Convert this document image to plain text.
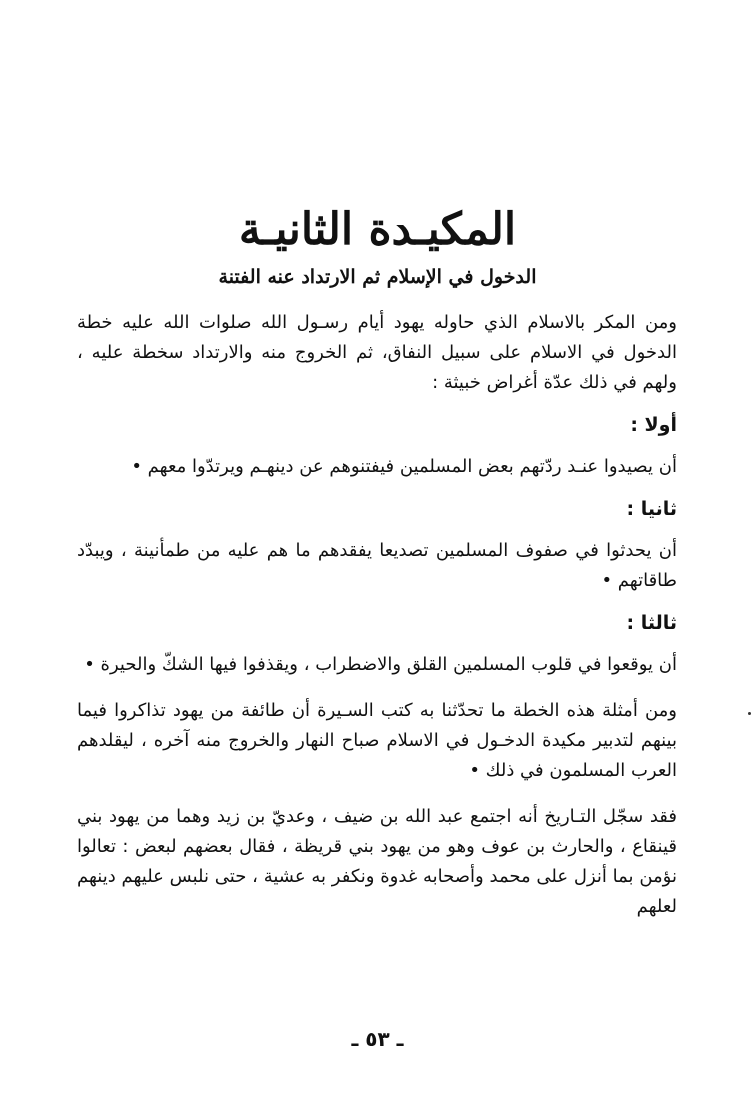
المكيـدة الثانيـة
الدخول في الإسلام ثم الارتداد عنه الفتنة

ومن المكر بالاسلام الذي حاوله يهود أيام رسـول الله صلوات الله عليه خطة الدخول في الاسلام على سبيل النفاق، ثم الخروج منه والارتداد سخطة عليه ، ولهم في ذلك عدّة أغراض خبيثة :

أولا :

أن يصيدوا عنـد ردّتهم بعض المسلمين فيفتنوهم عن دينهـم ويرتدّوا معهم •

ثانيا :

أن يحدثوا في صفوف المسلمين تصديعا يفقدهم ما هم عليه من طمأنينة ، ويبدّد طاقاتهم •

ثالثا :

أن يوقعوا في قلوب المسلمين القلق والاضطراب ، ويقذفوا فيها الشكّ والحيرة •

ومن أمثلة هذه الخطة ما تحدّثنا به كتب السـيرة أن طائفة من يهود تذاكروا فيما بينهم لتدبير مكيدة الدخـول في الاسلام صباح النهار والخروج منه آخره ، ليقلدهم العرب المسلمون في ذلك •

فقد سجّل التـاريخ أنه اجتمع عبد الله بن ضيف ، وعديّ بن زيد وهما من يهود بني قينقاع ، والحارث بن عوف وهو من يهود بني قريظة ، فقال بعضهم لبعض : تعالوا نؤمن بما أنزل على محمد وأصحابه غدوة ونكفر به عشية ، حتى نلبس عليهم دينهم لعلهم

ـ ٥٣ ـ
